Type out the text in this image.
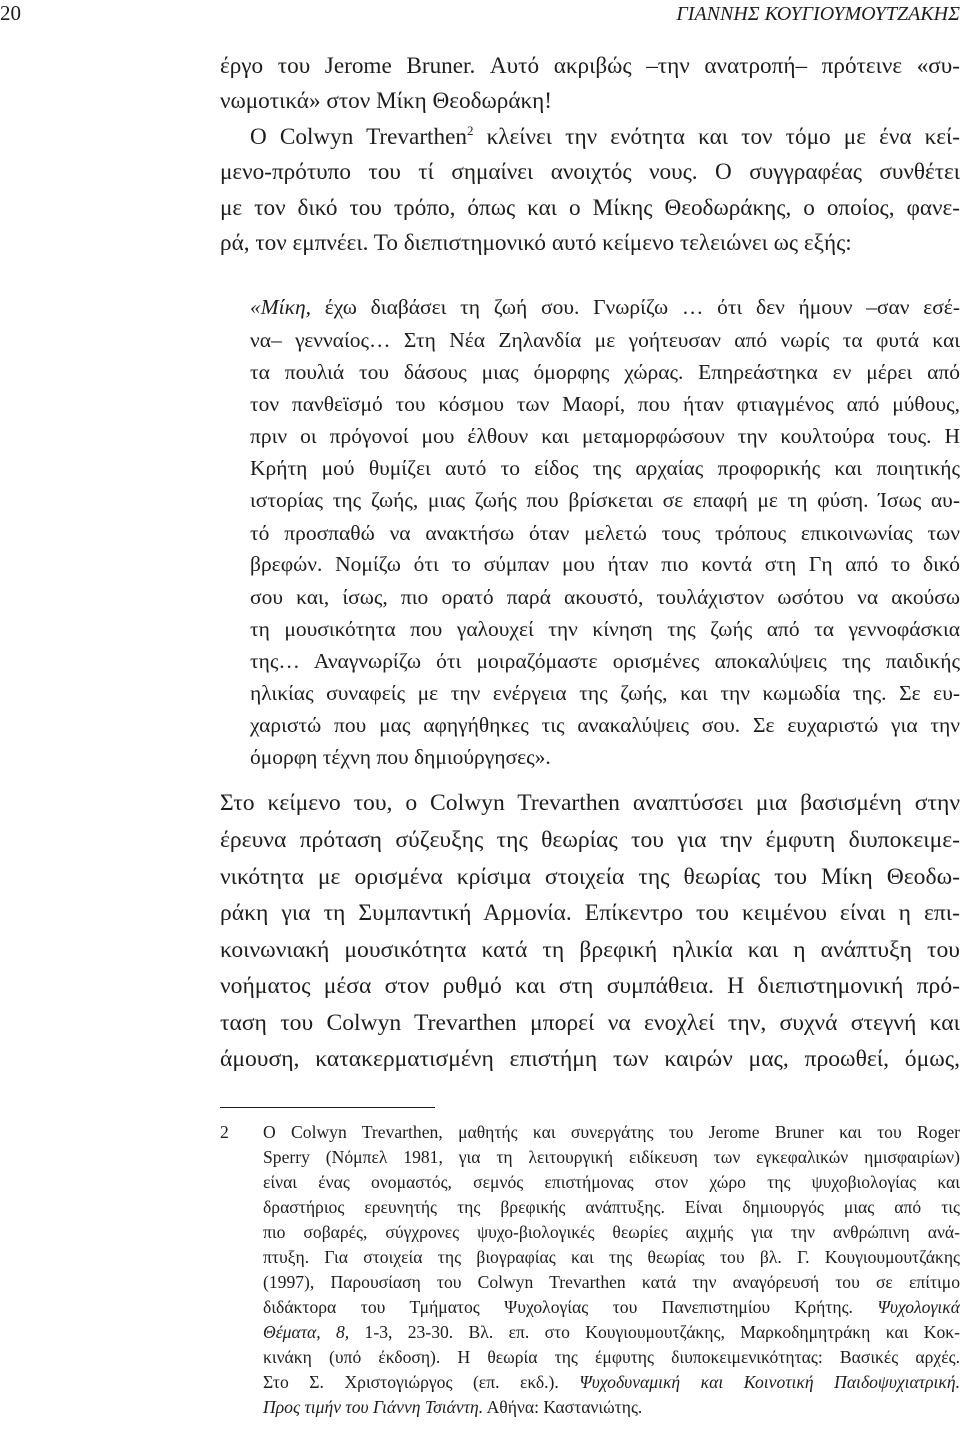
20	ΓΙΑΝΝΗΣ ΚΟΥΓΙΟΥΜΟΥΤΖΑΚΗΣ
έργο του Jerome Bruner. Αυτό ακριβώς –την ανατροπή– πρότεινε «συ-
νωμοτικά» στον Μίκη Θεοδωράκη!
Ο Colwyn Trevarthen$^2$ κλείνει την ενότητα και τον τόμο με ένα κεί-
μενο-πρότυπο του τί σημαίνει ανοιχτός νους. Ο συγγραφέας συνθέτει
με τον δικό του τρόπο, όπως και ο Μίκης Θεοδωράκης, ο οποίος, φανε-
ρά, τον εμπνέει. Το διεπιστημονικό αυτό κείμενο τελειώνει ως εξής:
«Μίκη, έχω διαβάσει τη ζωή σου. Γνωρίζω … ότι δεν ήμουν –σαν εσέ-
να– γενναίος… Στη Νέα Ζηλανδία με γοήτευσαν από νωρίς τα φυτά και
τα πουλιά του δάσους μιας όμορφης χώρας. Επηρεάστηκα εν μέρει από
τον πανθεϊσμό του κόσμου των Μαορί, που ήταν φτιαγμένος από μύθους,
πριν οι πρόγονοί μου έλθουν και μεταμορφώσουν την κουλτούρα τους. Η
Κρήτη μού θυμίζει αυτό το είδος της αρχαίας προφορικής και ποιητικής
ιστορίας της ζωής, μιας ζωής που βρίσκεται σε επαφή με τη φύση. Ίσως αυ-
τό προσπαθώ να ανακτήσω όταν μελετώ τους τρόπους επικοινωνίας των
βρεφών. Νομίζω ότι το σύμπαν μου ήταν πιο κοντά στη Γη από το δικό
σου και, ίσως, πιο ορατό παρά ακουστό, τουλάχιστον ωσότου να ακούσω
τη μουσικότητα που γαλουχεί την κίνηση της ζωής από τα γεννοφάσκια
της… Αναγνωρίζω ότι μοιραζόμαστε ορισμένες αποκαλύψεις της παιδικής
ηλικίας συναφείς με την ενέργεια της ζωής, και την κωμωδία της. Σε ευ-
χαριστώ που μας αφηγήθηκες τις ανακαλύψεις σου. Σε ευχαριστώ για την
όμορφη τέχνη που δημιούργησες».
Στο κείμενο του, ο Colwyn Trevarthen αναπτύσσει μια βασισμένη στην
έρευνα πρόταση σύζευξης της θεωρίας του για την έμφυτη διυποκειμε-
νικότητα με ορισμένα κρίσιμα στοιχεία της θεωρίας του Μίκη Θεοδω-
ράκη για τη Συμπαντική Αρμονία. Επίκεντρο του κειμένου είναι η επι-
κοινωνιακή μουσικότητα κατά τη βρεφική ηλικία και η ανάπτυξη του
νοήματος μέσα στον ρυθμό και στη συμπάθεια. Η διεπιστημονική πρό-
ταση του Colwyn Trevarthen μπορεί να ενοχλεί την, συχνά στεγνή και
άμουση, κατακερματισμένη επιστήμη των καιρών μας, προωθεί, όμως,
2 Ο Colwyn Trevarthen, μαθητής και συνεργάτης του Jerome Bruner και του Roger
Sperry (Νόμπελ 1981, για τη λειτουργική ειδίκευση των εγκεφαλικών ημισφαιρίων)
είναι ένας ονομαστός, σεμνός επιστήμονας στον χώρο της ψυχοβιολογίας και
δραστήριος ερευνητής της βρεφικής ανάπτυξης. Είναι δημιουργός μιας από τις
πιο σοβαρές, σύγχρονες ψυχο-βιολογικές θεωρίες αιχμής για την ανθρώπινη ανά-
πτυξη. Για στοιχεία της βιογραφίας και της θεωρίας του βλ. Γ. Κουγιουμουτζάκης
(1997), Παρουσίαση του Colwyn Trevarthen κατά την αναγόρευσή του σε επίτιμο
διδάκτορα του Τμήματος Ψυχολογίας του Πανεπιστημίου Κρήτης. Ψυχολογικά
Θέματα, 8, 1-3, 23-30. Βλ. επ. στο Κουγιουμουτζάκης, Μαρκοδημητράκη και Κοκ-
κινάκη (υπό έκδοση). Η θεωρία της έμφυτης διυποκειμενικότητας: Βασικές αρχές.
Στο Σ. Χριστογιώργος (επ. εκδ.). Ψυχοδυναμική και Κοινοτική Παιδοψυχιατρική.
Προς τιμήν του Γιάννη Τσιάντη. Αθήνα: Καστανιώτης.
